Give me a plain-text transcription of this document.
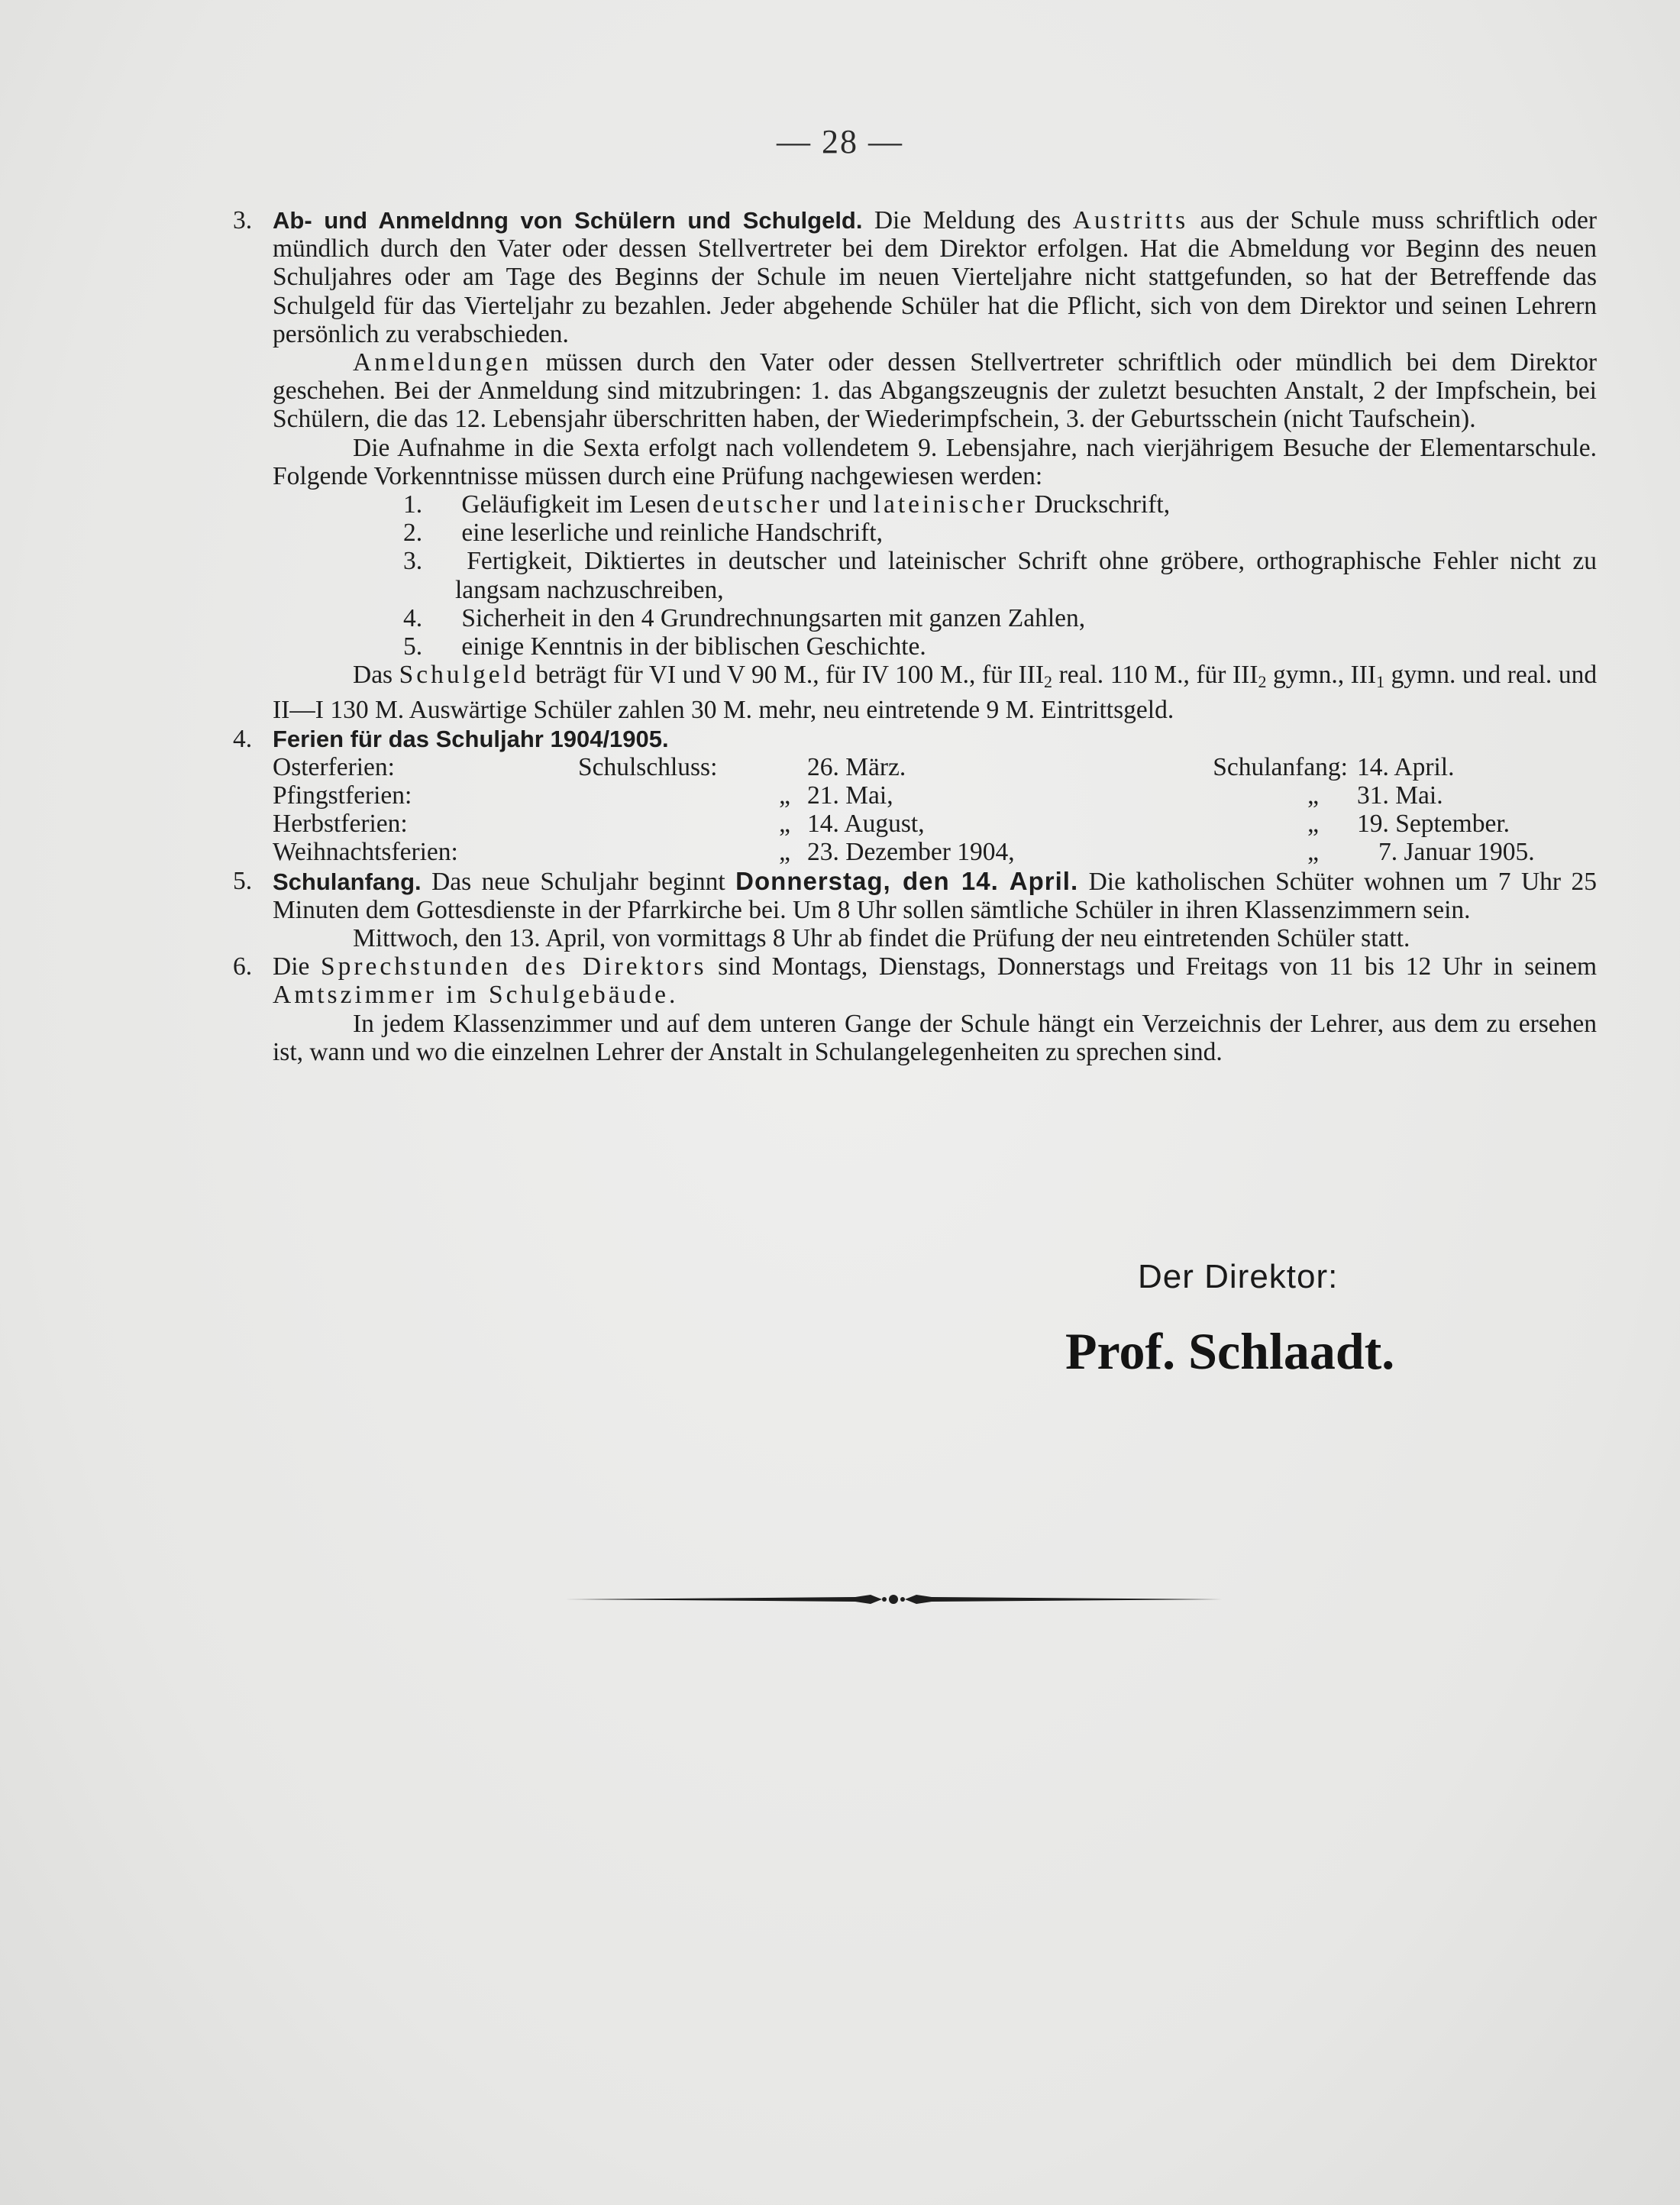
— 28 —
3. Ab- und Anmeldnng von Schülern und Schulgeld. Die Meldung des Austritts aus der Schule muss schriftlich oder mündlich durch den Vater oder dessen Stellvertreter bei dem Direktor erfolgen. Hat die Abmeldung vor Beginn des neuen Schuljahres oder am Tage des Beginns der Schule im neuen Vierteljahre nicht stattgefunden, so hat der Betreffende das Schulgeld für das Vierteljahr zu bezahlen. Jeder abgehende Schüler hat die Pflicht, sich von dem Direktor und seinen Lehrern persönlich zu verabschieden.

Anmeldungen müssen durch den Vater oder dessen Stellvertreter schriftlich oder mündlich bei dem Direktor geschehen. Bei der Anmeldung sind mitzubringen: 1. das Abgangszeugnis der zuletzt besuchten Anstalt, 2 der Impfschein, bei Schülern, die das 12. Lebensjahr überschritten haben, der Wiederimpfschein, 3. der Geburtsschein (nicht Taufschein).

Die Aufnahme in die Sexta erfolgt nach vollendetem 9. Lebensjahre, nach vierjährigem Besuche der Elementarschule. Folgende Vorkenntnisse müssen durch eine Prüfung nachgewiesen werden:

1. Geläufigkeit im Lesen deutscher und lateinischer Druckschrift,
2. eine leserliche und reinliche Handschrift,
3. Fertigkeit, Diktiertes in deutscher und lateinischer Schrift ohne gröbere, orthographische Fehler nicht zu langsam nachzuschreiben,
4. Sicherheit in den 4 Grundrechnungsarten mit ganzen Zahlen,
5. einige Kenntnis in der biblischen Geschichte.

Das Schulgeld beträgt für VI und V 90 M., für IV 100 M., für $III_2$ real. 110 M., für $III_2$ gymn., $III_1$ gymn. und real. und II—I 130 M. Auswärtige Schüler zahlen 30 M. mehr, neu eintretende 9 M. Eintrittsgeld.

4. Ferien für das Schuljahr 1904/1905.

Osterferien:	Schulschluss:	26. März.	Schulanfang: 14. April.
Pfingstferien:	„ 21. Mai,	„	31. Mai.
Herbstferien:	„ 14. August,	„	19. September.
Weihnachtsferien:	„ 23. Dezember 1904,	„	7. Januar 1905.
5. Schulanfang. Das neue Schuljahr beginnt Donnerstag, den 14. April. Die katholischen Schüter wohnen um 7 Uhr 25 Minuten dem Gottesdienste in der Pfarrkirche bei. Um 8 Uhr sollen sämtliche Schüler in ihren Klassenzimmern sein.

Mittwoch, den 13. April, von vormittags 8 Uhr ab findet die Prüfung der neu eintretenden Schüler statt.

6. Die Sprechstunden des Direktors sind Montags, Dienstags, Donnerstags und Freitags von 11 bis 12 Uhr in seinem Amtszimmer im Schulgebäude.

In jedem Klassenzimmer und auf dem unteren Gange der Schule hängt ein Verzeichnis der Lehrer, aus dem zu ersehen ist, wann und wo die einzelnen Lehrer der Anstalt in Schulangelegenheiten zu sprechen sind.

Der Direktor:
Prof. Schlaadt.
